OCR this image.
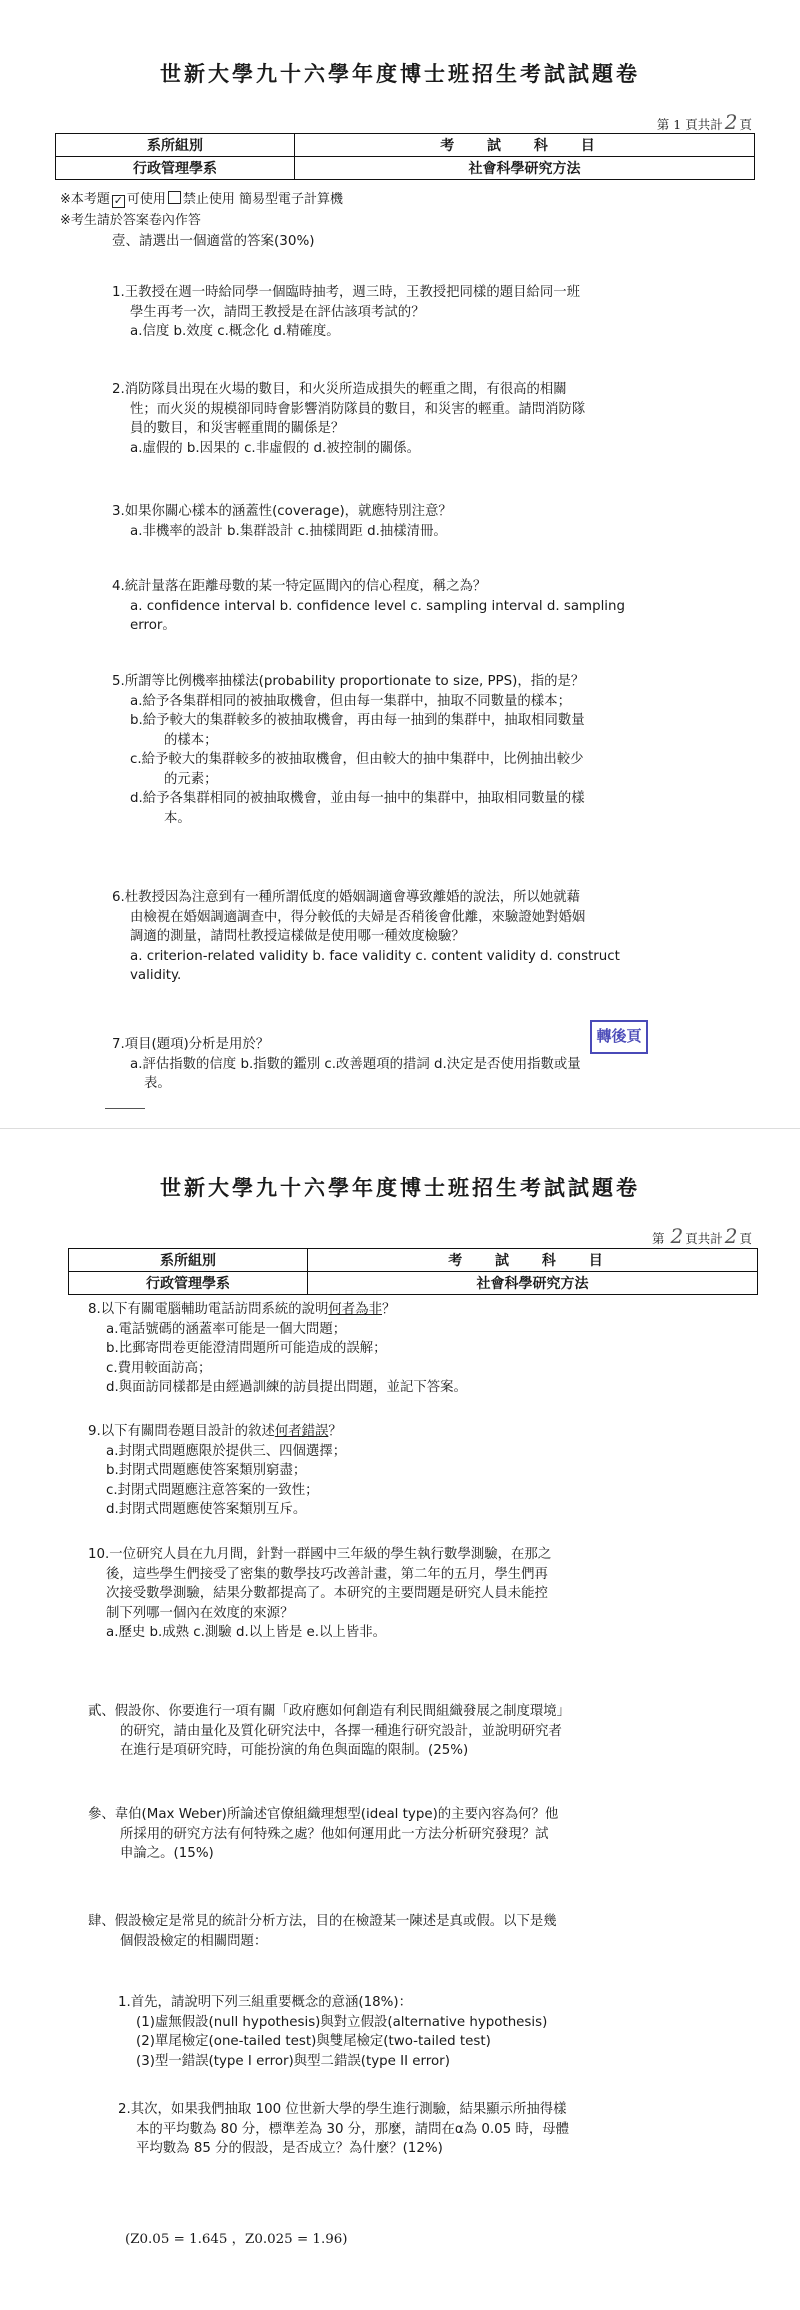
世新大學九十六學年度博士班招生考試試題卷
第 1 頁共計 2 頁
系所組別	考 試 科 目
行政管理學系	社會科學研究方法
※本考題 ✓ 可使用 禁止使用 簡易型電子計算機
※考生請於答案卷內作答
壹、請選出一個適當的答案(30%)
1.王教授在週一時給同學一個臨時抽考，週三時，王教授把同樣的題目給同一班
學生再考一次，請問王教授是在評估該項考試的？
a.信度 b.效度 c.概念化 d.精確度。
2.消防隊員出現在火場的數目，和火災所造成損失的輕重之間，有很高的相關
性；而火災的規模卻同時會影響消防隊員的數目，和災害的輕重。請問消防隊
員的數目，和災害輕重間的關係是？
a.虛假的 b.因果的 c.非虛假的 d.被控制的關係。
3.如果你關心樣本的涵蓋性(coverage)，就應特別注意？
a.非機率的設計 b.集群設計 c.抽樣間距 d.抽樣清冊。
4.統計量落在距離母數的某一特定區間內的信心程度，稱之為？
a. confidence interval b. confidence level c. sampling interval d. sampling
error。
5.所謂等比例機率抽樣法(probability proportionate to size, PPS)，指的是？
a.給予各集群相同的被抽取機會，但由每一集群中，抽取不同數量的樣本；
b.給予較大的集群較多的被抽取機會，再由每一抽到的集群中，抽取相同數量
的樣本；
c.給予較大的集群較多的被抽取機會，但由較大的抽中集群中，比例抽出較少
的元素；
d.給予各集群相同的被抽取機會，並由每一抽中的集群中，抽取相同數量的樣
本。
6.杜教授因為注意到有一種所謂低度的婚姻調適會導致離婚的說法，所以她就藉
由檢視在婚姻調適調查中，得分較低的夫婦是否稍後會仳離，來驗證她對婚姻
調適的測量，請問杜教授這樣做是使用哪一種效度檢驗？
a. criterion-related validity b. face validity c. content validity d. construct
validity.
轉後頁
7.項目(題項)分析是用於？
a.評估指數的信度 b.指數的鑑別 c.改善題項的措詞 d.決定是否使用指數或量
表。
世新大學九十六學年度博士班招生考試試題卷
第 2 頁共計 2 頁
系所組別	考 試 科 目
行政管理學系	社會科學研究方法
8.以下有關電腦輔助電話訪問系統的說明何者為非？
a.電話號碼的涵蓋率可能是一個大問題；
b.比郵寄問卷更能澄清問題所可能造成的誤解；
c.費用較面訪高；
d.與面訪同樣都是由經過訓練的訪員提出問題，並記下答案。
9.以下有關問卷題目設計的敘述何者錯誤？
a.封閉式問題應限於提供三、四個選擇；
b.封閉式問題應使答案類別窮盡；
c.封閉式問題應注意答案的一致性；
d.封閉式問題應使答案類別互斥。
10.一位研究人員在九月間，針對一群國中三年級的學生執行數學測驗，在那之
後，這些學生們接受了密集的數學技巧改善計畫，第二年的五月，學生們再
次接受數學測驗，結果分數都提高了。本研究的主要問題是研究人員未能控
制下列哪一個內在效度的來源？
a.歷史 b.成熟 c.測驗 d.以上皆是 e.以上皆非。
貳、假設你、你要進行一項有關「政府應如何創造有利民間組織發展之制度環境」
的研究，請由量化及質化研究法中，各擇一種進行研究設計，並說明研究者
在進行是項研究時，可能扮演的角色與面臨的限制。(25%)
參、韋伯(Max Weber)所論述官僚組織理想型(ideal type)的主要內容為何？他
所採用的研究方法有何特殊之處？他如何運用此一方法分析研究發現？試
申論之。(15%)
肆、假設檢定是常見的統計分析方法，目的在檢證某一陳述是真或假。以下是幾
個假設檢定的相關問題：
1.首先，請說明下列三組重要概念的意涵(18%)：
(1)虛無假設(null hypothesis)與對立假設(alternative hypothesis)
(2)單尾檢定(one-tailed test)與雙尾檢定(two-tailed test)
(3)型一錯誤(type I error)與型二錯誤(type II error)
2.其次，如果我們抽取 100 位世新大學的學生進行測驗，結果顯示所抽得樣
本的平均數為 80 分，標準差為 30 分，那麼，請問在α為 0.05 時，母體
平均數為 85 分的假設，是否成立？為什麼？(12%)
(Z0.05 = 1.645 ，Z0.025 = 1.96)
